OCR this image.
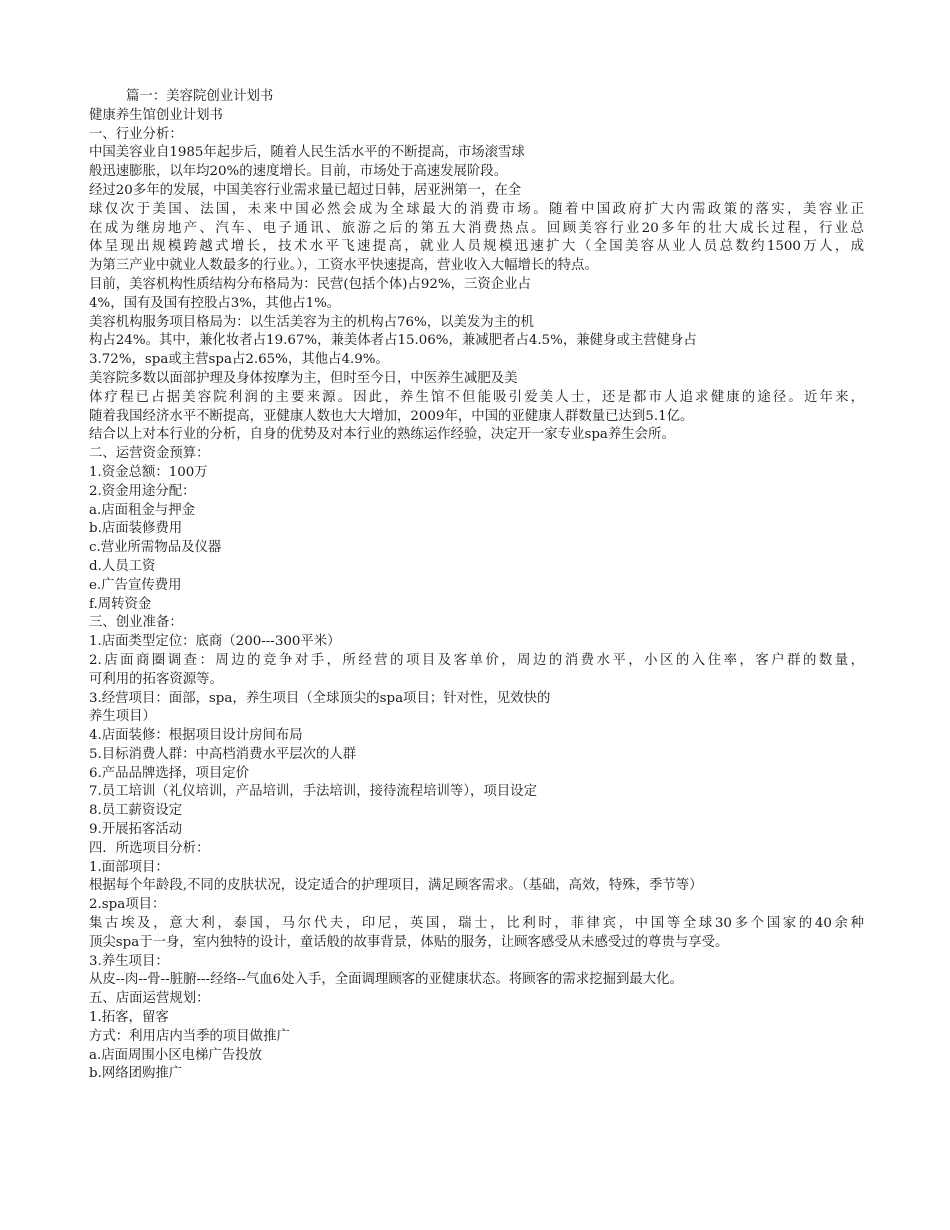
篇一：美容院创业计划书
健康养生馆创业计划书
一、行业分析：
中国美容业自1985年起步后，随着人民生活水平的不断提高，市场滚雪球
般迅速膨胀，以年均20%的速度增长。目前，市场处于高速发展阶段。
经过20多年的发展，中国美容行业需求量已超过日韩，居亚洲第一，在全
球仅次于美国、法国，未来中国必然会成为全球最大的消费市场。随着中国政府扩大内需政策的落实，美容业正
在成为继房地产、汽车、电子通讯、旅游之后的第五大消费热点。回顾美容行业20多年的壮大成长过程，行业总
体呈现出规模跨越式增长，技术水平飞速提高，就业人员规模迅速扩大（全国美容从业人员总数约1500万人，成
为第三产业中就业人数最多的行业。），工资水平快速提高，营业收入大幅增长的特点。
目前，美容机构性质结构分布格局为：民营(包括个体)占92%，三资企业占
4%，国有及国有控股占3%，其他占1%。
美容机构服务项目格局为：以生活美容为主的机构占76%，以美发为主的机
构占24%。其中，兼化妆者占19.67%，兼美体者占15.06%，兼减肥者占4.5%，兼健身或主营健身占
3.72%，spa或主营spa占2.65%，其他占4.9%。
美容院多数以面部护理及身体按摩为主，但时至今日，中医养生减肥及美
体疗程已占据美容院利润的主要来源。因此，养生馆不但能吸引爱美人士，还是都市人追求健康的途径。近年来，
随着我国经济水平不断提高，亚健康人数也大大增加，2009年，中国的亚健康人群数量已达到5.1亿。
结合以上对本行业的分析，自身的优势及对本行业的熟练运作经验，决定开一家专业spa养生会所。
二、运营资金预算：
1.资金总额：100万
2.资金用途分配：
a.店面租金与押金
b.店面装修费用
c.营业所需物品及仪器
d.人员工资
e.广告宣传费用
f.周转资金
三、创业准备：
1.店面类型定位：底商（200---300平米）
2.店面商圈调查：周边的竞争对手，所经营的项目及客单价，周边的消费水平，小区的入住率，客户群的数量，
可利用的拓客资源等。
3.经营项目：面部，spa，养生项目（全球顶尖的spa项目；针对性，见效快的
养生项目）
4.店面装修：根据项目设计房间布局
5.目标消费人群：中高档消费水平层次的人群
6.产品品牌选择，项目定价
7.员工培训（礼仪培训，产品培训，手法培训，接待流程培训等），项目设定
8.员工薪资设定
9.开展拓客活动
四．所选项目分析：
1.面部项目：
根据每个年龄段,不同的皮肤状况，设定适合的护理项目，满足顾客需求。（基础，高效，特殊，季节等）
2.spa项目：
集古埃及，意大利，泰国，马尔代夫，印尼，英国，瑞士，比利时，菲律宾，中国等全球30多个国家的40余种
顶尖spa于一身，室内独特的设计，童话般的故事背景，体贴的服务，让顾客感受从未感受过的尊贵与享受。
3.养生项目：
从皮--肉--骨--脏腑---经络--气血6处入手，全面调理顾客的亚健康状态。将顾客的需求挖掘到最大化。
五、店面运营规划：
1.拓客，留客
方式：利用店内当季的项目做推广
a.店面周围小区电梯广告投放
b.网络团购推广
